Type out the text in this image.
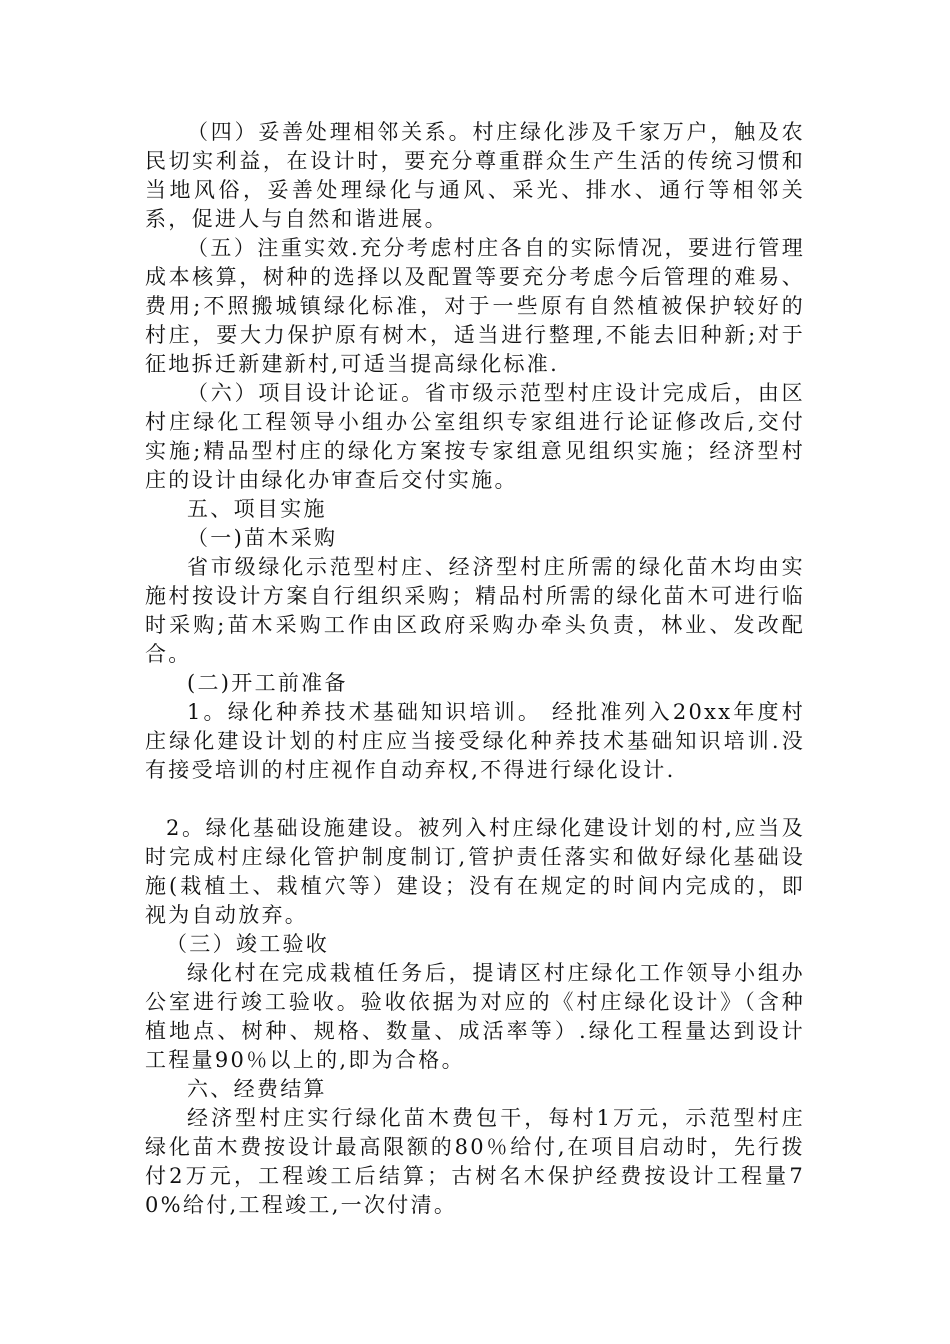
（四）妥善处理相邻关系。村庄绿化涉及千家万户，触及农民切实利益，在设计时，要充分尊重群众生产生活的传统习惯和当地风俗，妥善处理绿化与通风、采光、排水、通行等相邻关系，促进人与自然和谐进展。

（五）注重实效.充分考虑村庄各自的实际情况，要进行管理成本核算，树种的选择以及配置等要充分考虑今后管理的难易、费用;不照搬城镇绿化标准，对于一些原有自然植被保护较好的村庄，要大力保护原有树木，适当进行整理,不能去旧种新;对于征地拆迁新建新村,可适当提高绿化标准.

（六）项目设计论证。省市级示范型村庄设计完成后，由区村庄绿化工程领导小组办公室组织专家组进行论证修改后,交付实施;精品型村庄的绿化方案按专家组意见组织实施；经济型村庄的设计由绿化办审查后交付实施。

五、项目实施

（一)苗木采购

省市级绿化示范型村庄、经济型村庄所需的绿化苗木均由实施村按设计方案自行组织采购；精品村所需的绿化苗木可进行临时采购;苗木采购工作由区政府采购办牵头负责，林业、发改配合。

(二)开工前准备

1。绿化种养技术基础知识培训。 经批准列入20xx年度村庄绿化建设计划的村庄应当接受绿化种养技术基础知识培训.没有接受培训的村庄视作自动弃权,不得进行绿化设计.

2。绿化基础设施建设。被列入村庄绿化建设计划的村,应当及时完成村庄绿化管护制度制订,管护责任落实和做好绿化基础设施(栽植土、栽植穴等）建设；没有在规定的时间内完成的，即视为自动放弃。

（三）竣工验收

绿化村在完成栽植任务后，提请区村庄绿化工作领导小组办公室进行竣工验收。验收依据为对应的《村庄绿化设计》（含种植地点、树种、规格、数量、成活率等）.绿化工程量达到设计工程量90％以上的,即为合格。

六、经费结算

经济型村庄实行绿化苗木费包干，每村1万元，示范型村庄绿化苗木费按设计最高限额的80％给付,在项目启动时，先行拨付2万元，工程竣工后结算；古树名木保护经费按设计工程量70%给付,工程竣工,一次付清。
